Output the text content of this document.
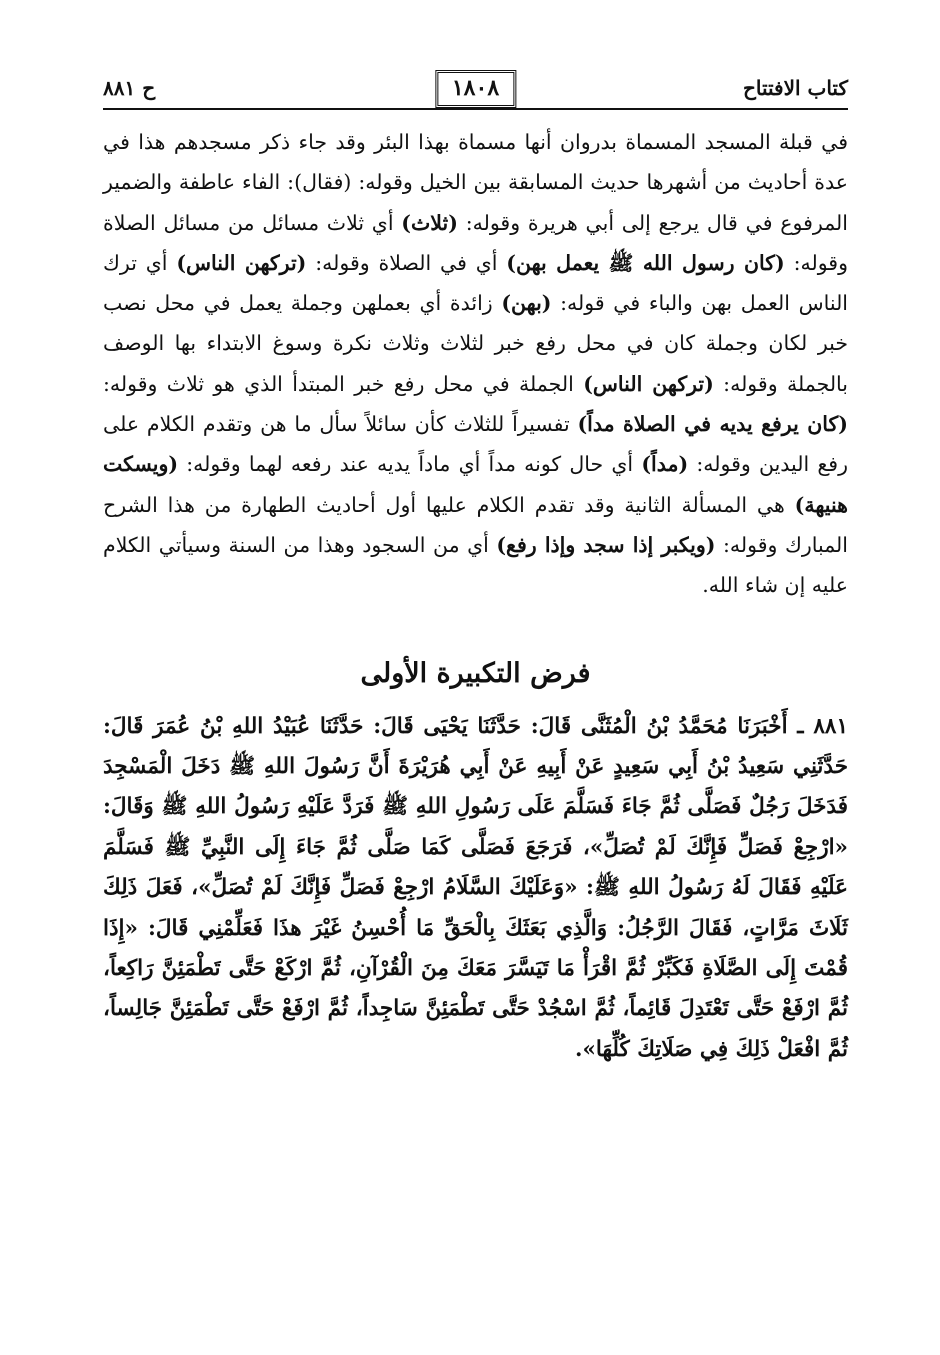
كتاب الافتتاح
١٨٠٨
ح ٨٨١

في قبلة المسجد المسماة بدروان أنها مسماة بهذا البئر وقد جاء ذكر مسجدهم هذا في عدة أحاديث من أشهرها حديث المسابقة بين الخيل وقوله: (فقال): الفاء عاطفة والضمير المرفوع في قال يرجع إلى أبي هريرة وقوله: (ثلاث) أي ثلاث مسائل من مسائل الصلاة وقوله: (كان رسول الله ﷺ يعمل بهن) أي في الصلاة وقوله: (تركهن الناس) أي ترك الناس العمل بهن والباء في قوله: (بهن) زائدة أي بعملهن وجملة يعمل في محل نصب خبر لكان وجملة كان في محل رفع خبر لثلاث وثلاث نكرة وسوغ الابتداء بها الوصف بالجملة وقوله: (تركهن الناس) الجملة في محل رفع خبر المبتدأ الذي هو ثلاث وقوله: (كان يرفع يديه في الصلاة مداً) تفسيراً للثلاث كأن سائلاً سأل ما هن وتقدم الكلام على رفع اليدين وقوله: (مداً) أي حال كونه مداً أي ماداً يديه عند رفعه لهما وقوله: (ويسكت هنيهة) هي المسألة الثانية وقد تقدم الكلام عليها أول أحاديث الطهارة من هذا الشرح المبارك وقوله: (ويكبر إذا سجد وإذا رفع) أي من السجود وهذا من السنة وسيأتي الكلام عليه إن شاء الله.

فرض التكبيرة الأولى

٨٨١ ـ أَخْبَرَنَا مُحَمَّدُ بْنُ الْمُثَنَّى قَالَ: حَدَّثَنَا يَحْيَى قَالَ: حَدَّثَنَا عُبَيْدُ اللهِ بْنُ عُمَرَ قَالَ: حَدَّثَنِي سَعِيدُ بْنُ أَبِي سَعِيدٍ عَنْ أَبِيهِ عَنْ أَبِي هُرَيْرَةَ أَنَّ رَسُولَ اللهِ ﷺ دَخَلَ الْمَسْجِدَ فَدَخَلَ رَجُلٌ فَصَلَّى ثُمَّ جَاءَ فَسَلَّمَ عَلَى رَسُولِ اللهِ ﷺ فَرَدَّ عَلَيْهِ رَسُولُ اللهِ ﷺ وَقَالَ: «ارْجِعْ فَصَلِّ فَإِنَّكَ لَمْ تُصَلِّ»، فَرَجَعَ فَصَلَّى كَمَا صَلَّى ثُمَّ جَاءَ إِلَى النَّبِيِّ ﷺ فَسَلَّمَ عَلَيْهِ فَقَالَ لَهُ رَسُولُ اللهِ ﷺ: «وَعَلَيْكَ السَّلَامُ ارْجِعْ فَصَلِّ فَإِنَّكَ لَمْ تُصَلِّ»، فَعَلَ ذَلِكَ ثَلَاثَ مَرَّاتٍ، فَقَالَ الرَّجُلُ: وَالَّذِي بَعَثَكَ بِالْحَقِّ مَا أُحْسِنُ غَيْرَ هذَا فَعَلِّمْنِي قَالَ: «إِذَا قُمْتَ إِلَى الصَّلَاةِ فَكَبِّرْ ثُمَّ اقْرَأْ مَا تَيَسَّرَ مَعَكَ مِنَ الْقُرْآنِ، ثُمَّ ارْكَعْ حَتَّى تَطْمَئِنَّ رَاكِعاً، ثُمَّ ارْفَعْ حَتَّى تَعْتَدِلَ قَائِماً، ثُمَّ اسْجُدْ حَتَّى تَطْمَئِنَّ سَاجِداً، ثُمَّ ارْفَعْ حَتَّى تَطْمَئِنَّ جَالِساً، ثُمَّ افْعَلْ ذَلِكَ فِي صَلَاتِكَ كُلِّهَا».
